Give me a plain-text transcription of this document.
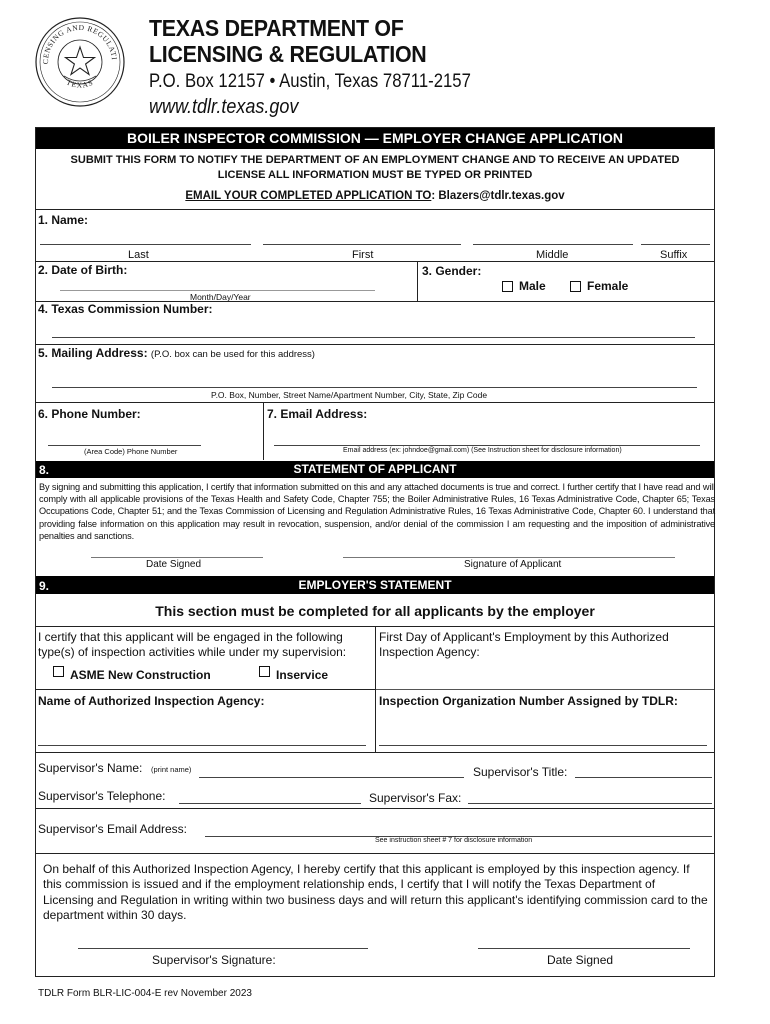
CENSING AND REGULATI
TEXAS
TEXAS DEPARTMENT OF
LICENSING & REGULATION
P.O. Box 12157 • Austin, Texas 78711-2157
www.tdlr.texas.gov
BOILER INSPECTOR COMMISSION — EMPLOYER CHANGE APPLICATION
SUBMIT THIS FORM TO NOTIFY THE DEPARTMENT OF AN EMPLOYMENT CHANGE AND TO RECEIVE AN UPDATED LICENSE ALL INFORMATION MUST BE TYPED OR PRINTED
EMAIL YOUR COMPLETED APPLICATION TO: Blazers@tdlr.texas.gov
1. Name:
Last	First	Middle	Suffix
2. Date of Birth:
Month/Day/Year
3. Gender:
Male	Female
4. Texas Commission Number:
5. Mailing Address: (P.O. box can be used for this address)
P.O. Box, Number, Street Name/Apartment Number, City, State, Zip Code
6. Phone Number:
(Area Code) Phone Number
7. Email Address:
Email address (ex: johndoe@gmail.com) (See Instruction sheet for disclosure information)
8.	STATEMENT OF APPLICANT
By signing and submitting this application, I certify that information submitted on this and any attached documents is true and correct. I further certify that I have read and will comply with all applicable provisions of the Texas Health and Safety Code, Chapter 755; the Boiler Administrative Rules, 16 Texas Administrative Code, Chapter 65; Texas Occupations Code, Chapter 51; and the Texas Commission of Licensing and Regulation Administrative Rules, 16 Texas Administrative Code, Chapter 60. I understand that providing false information on this application may result in revocation, suspension, and/or denial of the commission I am requesting and the imposition of administrative penalties and sanctions.
Date Signed	Signature of Applicant
9.	EMPLOYER'S STATEMENT
This section must be completed for all applicants by the employer
I certify that this applicant will be engaged in the following type(s) of inspection activities while under my supervision:
First Day of Applicant's Employment by this Authorized Inspection Agency:
ASME New Construction	Inservice
Name of Authorized Inspection Agency:	Inspection Organization Number Assigned by TDLR:
Supervisor's Name: (print name)	Supervisor's Title:
Supervisor's Telephone:	Supervisor's Fax:
Supervisor's Email Address:
See instruction sheet # 7 for disclosure information
On behalf of this Authorized Inspection Agency, I hereby certify that this applicant is employed by this inspection agency. If this commission is issued and if the employment relationship ends, I certify that I will notify the Texas Department of Licensing and Regulation in writing within two business days and will return this applicant's identifying commission card to the department within 30 days.
Supervisor's Signature:	Date Signed
TDLR Form BLR-LIC-004-E rev November 2023
